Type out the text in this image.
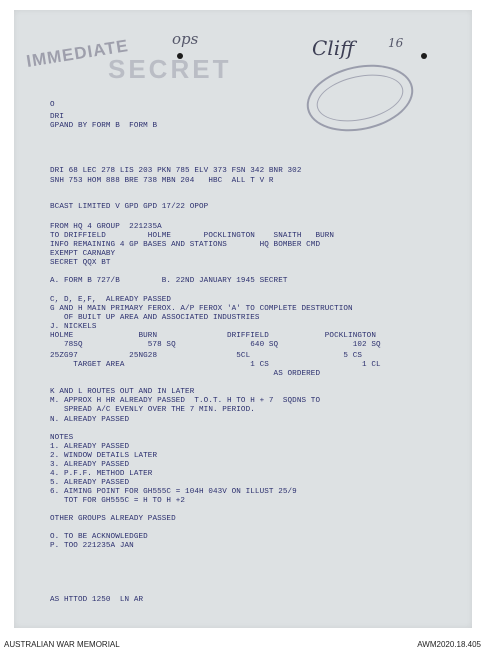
IMMEDIATE
SECRET
ops	Cliff	16
O
DRI
GPAND BY FORM B  FORM B
DRI 68 LEC 278 LIS 203 PKN 785 ELV 373 FSN 342 BNR 302
SNH 753 HOM 888 BRE 738 MBN 204   HBC  ALL T V R
BCAST LIMITED V GPD GPD 17/22 OPOP
FROM HQ 4 GROUP  221235A
TO DRIFFIELD         HOLME       POCKLINGTON    SNAITH   BURN
INFO REMAINING 4 GP BASES AND STATIONS       HQ BOMBER CMD
EXEMPT CARNABY
SECRET QQX BT
A. FORM B 727/B         B. 22ND JANUARY 1945 SECRET
C, D, E,F,  ALREADY PASSED
G AND H MAIN PRIMARY FEROX. A/P FEROX 'A' TO COMPLETE DESTRUCTION
OF BUILT UP AREA AND ASSOCIATED INDUSTRIES
J. NICKELS
HOLME              BURN               DRIFFIELD            POCKLINGTON
78SQ              578 SQ                640 SQ                102 SQ
25ZG97           25NG28                 5CL                    5 CS
TARGET AREA                           1 CS                    1 CL
AS ORDERED
K AND L ROUTES OUT AND IN LATER
M. APPROX H HR ALREADY PASSED  T.O.T. H TO H + 7  SQDNS TO
SPREAD A/C EVENLY OVER THE 7 MIN. PERIOD.
N. ALREADY PASSED
NOTES
1. ALREADY PASSED
2. WINDOW DETAILS LATER
3. ALREADY PASSED
4. P.F.F. METHOD LATER
5. ALREADY PASSED
6. AIMING POINT FOR GH555C = 104H 043V ON ILLUST 25/9
TOT FOR GH555C = H TO H +2
OTHER GROUPS ALREADY PASSED
O. TO BE ACKNOWLEDGED
P. TOO 221235A JAN
AS HTTOD 1250  LN AR
AUSTRALIAN WAR MEMORIAL	AWM2020.18.405
